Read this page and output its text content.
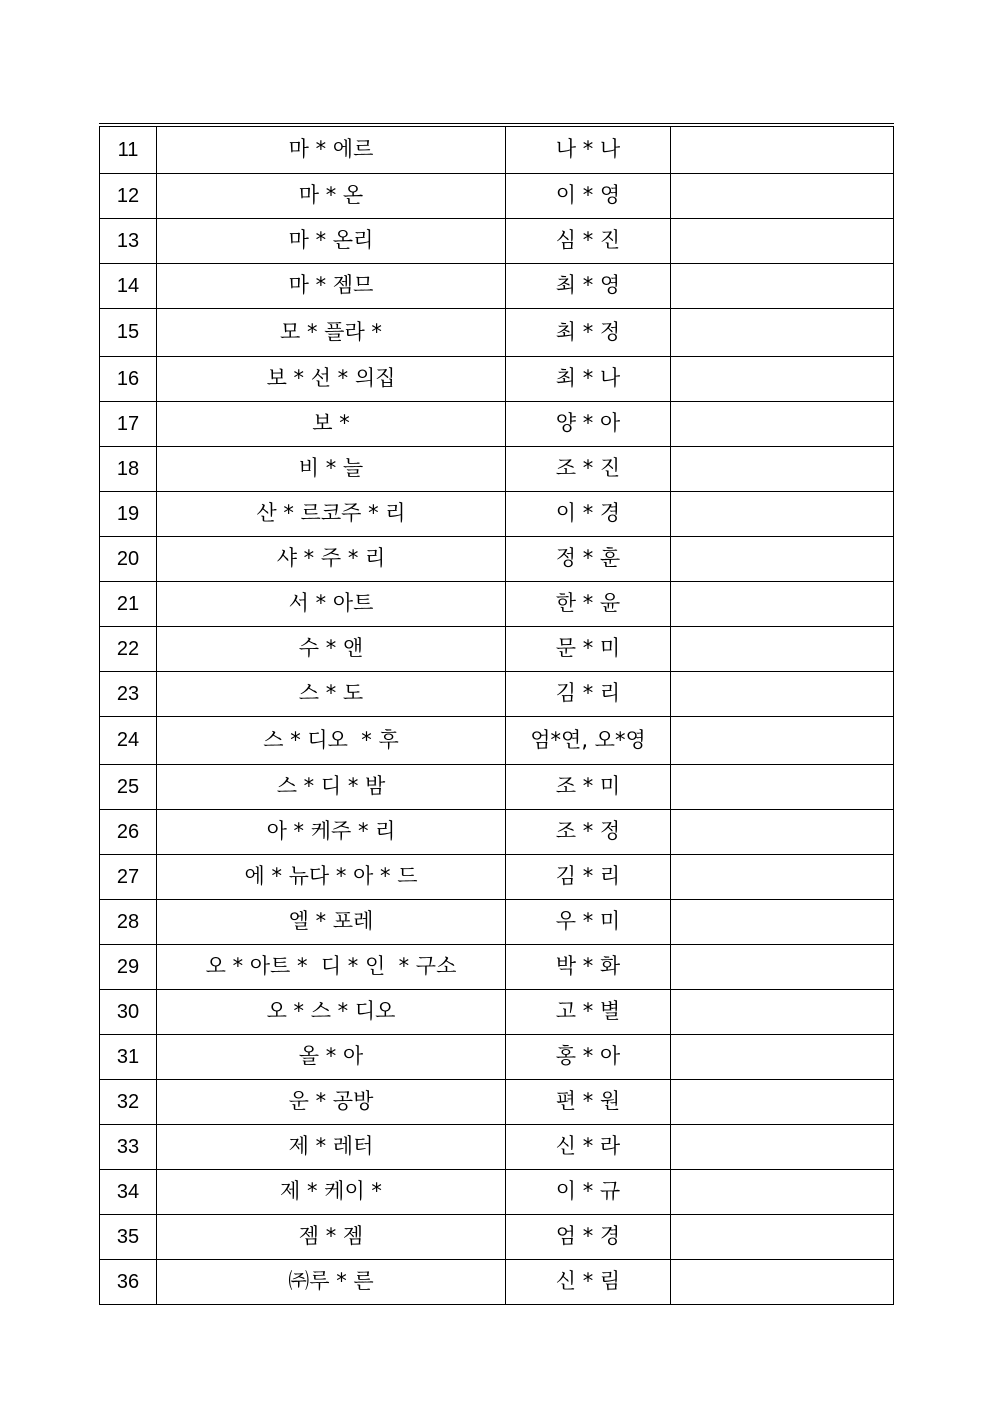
11	마 * 에르	나 * 나	
12	마 * 온	이 * 영	
13	마 * 온리	심 * 진	
14	마 * 젬므	최 * 영	
15	모 * 플라 *	최 * 정	
16	보 * 선 * 의집	최 * 나	
17	보 *	양 * 아	
18	비 * 늘	조 * 진	
19	산 * 르코주 * 리	이 * 경	
20	샤 * 주 * 리	정 * 훈	
21	서 * 아트	한 * 윤	
22	수 * 앤	문 * 미	
23	스 * 도	김 * 리	
24	스 * 디오  * 후	엄*연, 오*영	
25	스 * 디 * 밤	조 * 미	
26	아 * 케주 * 리	조 * 정	
27	에 * 뉴다 * 아 * 드	김 * 리	
28	엘 * 포레	우 * 미	
29	오 * 아트 *  디 * 인  * 구소	박 * 화	
30	오 * 스 * 디오	고 * 별	
31	올 * 아	홍 * 아	
32	운 * 공방	편 * 원	
33	제 * 레터	신 * 라	
34	제 * 케이 *	이 * 규	
35	젬 * 젬	엄 * 경	
36	㈜루 * 른	신 * 림	
